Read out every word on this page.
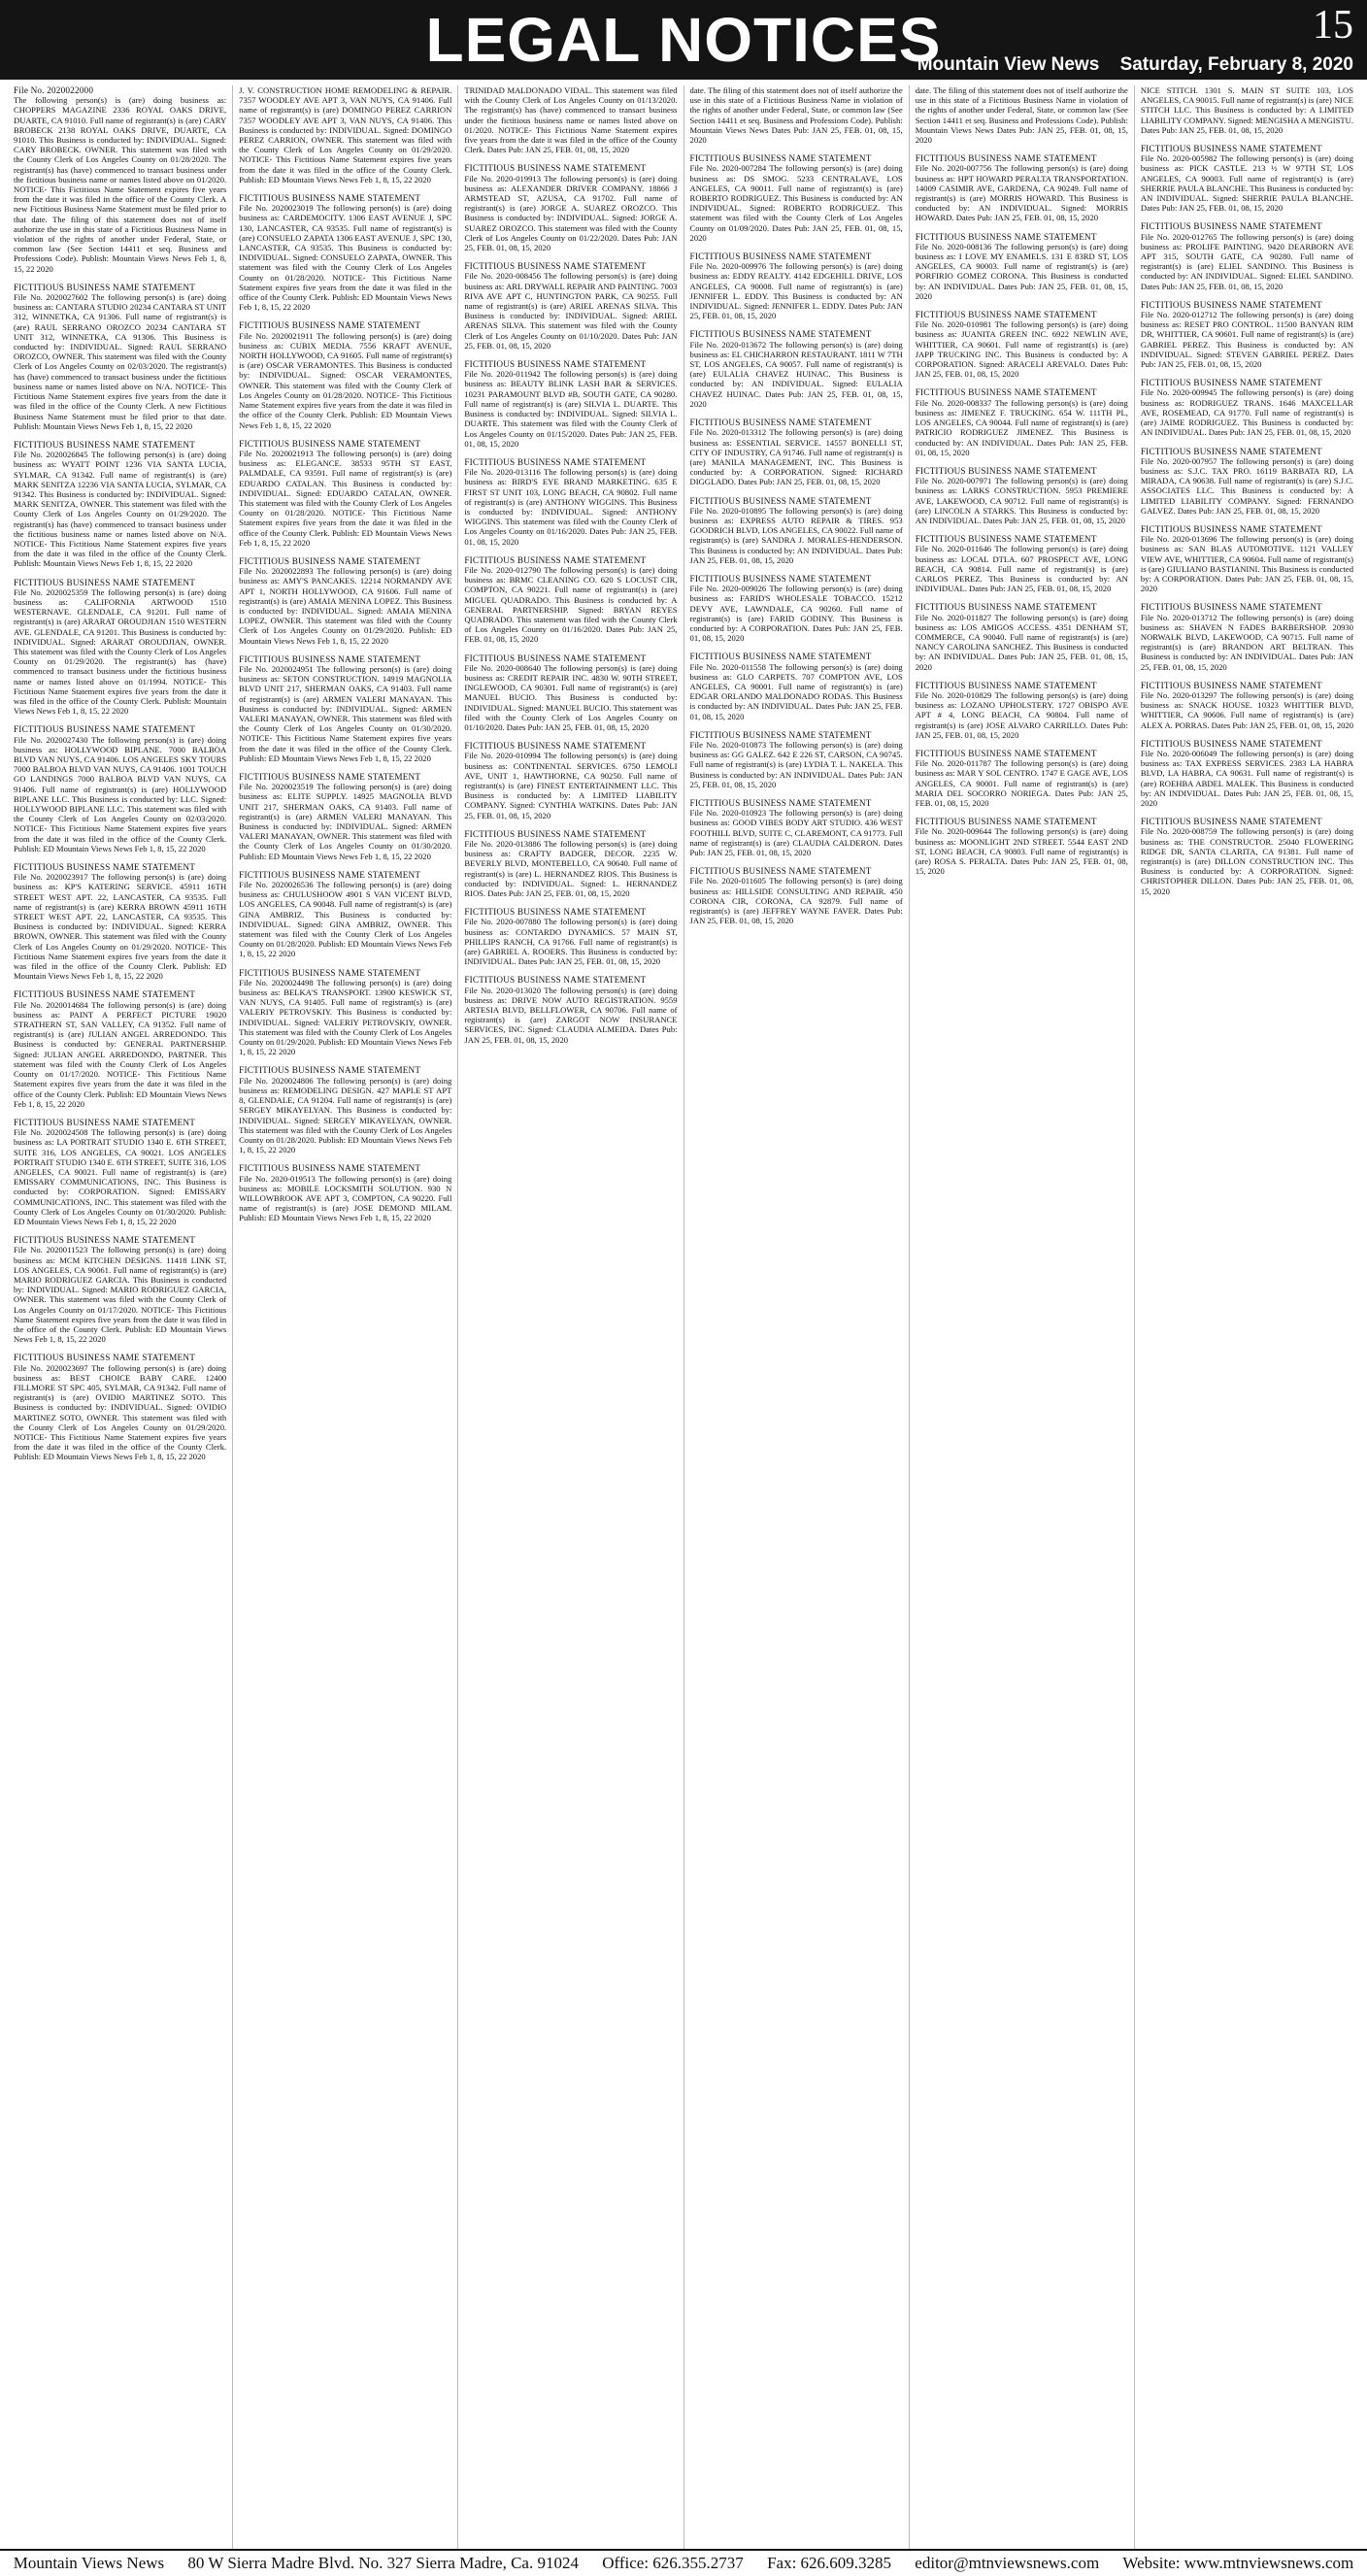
LEGAL NOTICES	15
Mountain View News Saturday, February 8, 2020
File No. 2020022000
The following person(s) is (are) doing business as: CHOPPERS MAGAZINE 2336 ROYAL OAKS DRIVE, DUARTE, CA 91010. Full name of registrant(s) is (are) CARY BROBECK 2138 ROYAL OAKS DRIVE, DUARTE, CA 91010. This Business is conducted by: INDIVIDUAL. Signed: CARY BROBECK. OWNER. This statement was filed with the County Clerk of Los Angeles County on 01/28/2020. The registrant(s) has (have) commenced to transact business under the fictitious business name or names listed above on 01/2020. NOTICE- This Fictitious Name Statement expires five years from the date it was filed in the office of the County Clerk. A new Fictitious Business Name Statement must be filed prior to that date. The filing of this statement does not of itself authorize the use in this state of a Fictitious Business Name in violation of the rights of another under Federal, State, or common law (See Section 14411 et seq. Business and Professions Code). Publish: Mountain Views News Feb 1, 8, 15, 22 2020
FICTITIOUS BUSINESS NAME STATEMENT
File No. 2020027602 The following person(s) is (are) doing business as: CANTARA STUDIO 20234 CANTARA ST UNIT 312, WINNETKA, CA 91306. Full name of registrant(s) is (are) RAUL SERRANO OROZCO 20234 CANTARA ST UNIT 312, WINNETKA, CA 91306. This Business is conducted by: INDIVIDUAL. Signed: RAUL SERRANO OROZCO, OWNER. This statement was filed with the County Clerk of Los Angeles County on 02/03/2020. The registrant(s) has (have) commenced to transact business under the fictitious business name or names listed above on N/A. NOTICE- This Fictitious Name Statement expires five years from the date it was filed in the office of the County Clerk. A new Fictitious Business Name Statement must be filed prior to that date. Publish: Mountain Views News Feb 1, 8, 15, 22 2020
FICTITIOUS BUSINESS NAME STATEMENT
File No. 2020026845 The following person(s) is (are) doing business as: WYATT POINT 1236 VIA SANTA LUCIA, SYLMAR, CA 91342. Full name of registrant(s) is (are) MARK SENITZA 12236 VIA SANTA LUCIA, SYLMAR, CA 91342. This Business is conducted by: INDIVIDUAL. Signed: MARK SENITZA, OWNER. This statement was filed with the County Clerk of Los Angeles County on 01/29/2020. The registrant(s) has (have) commenced to transact business under the fictitious business name or names listed above on N/A. NOTICE- This Fictitious Name Statement expires five years from the date it was filed in the office of the County Clerk. Publish: Mountain Views News Feb 1, 8, 15, 22 2020
FICTITIOUS BUSINESS NAME STATEMENT
File No. 2020025359 The following person(s) is (are) doing business as: CALIFORNIA ARTWOOD 1510 WESTERNAVE. GLENDALE, CA 91201. Full name of registrant(s) is (are) ARARAT OROUDJIAN 1510 WESTERN AVE. GLENDALE, CA 91201. This Business is conducted by: INDIVIDUAL. Signed: ARARAT OROUDJIAN, OWNER. This statement was filed with the County Clerk of Los Angeles County on 01/29/2020. The registrant(s) has (have) commenced to transact business under the fictitious business name or names listed above on 01/1994. NOTICE- This Fictitious Name Statement expires five years from the date it was filed in the office of the County Clerk. Publish: Mountain Views News Feb 1, 8, 15, 22 2020
FICTITIOUS BUSINESS NAME STATEMENT
File No. 2020027430 The following person(s) is (are) doing business as: HOLLYWOOD BIPLANE. 7000 BALBOA BLVD VAN NUYS, CA 91406. LOS ANGELES SKY TOURS 7000 BALBOA BLVD VAN NUYS, CA 91406. 1001 TOUCH GO LANDINGS 7000 BALBOA BLVD VAN NUYS, CA 91406. Full name of registrant(s) is (are) HOLLYWOOD BIPLANE LLC. This Business is conducted by: LLC. Signed: HOLLYWOOD BIPLANE LLC. This statement was filed with the County Clerk of Los Angeles County on 02/03/2020. NOTICE- This Fictitious Name Statement expires five years from the date it was filed in the office of the County Clerk. Publish: ED Mountain Views News Feb 1, 8, 15, 22 2020
FICTITIOUS BUSINESS NAME STATEMENT
File No. 2020023917 The following person(s) is (are) doing business as: KP'S KATERING SERVICE. 45911 16TH STREET WEST APT. 22, LANCASTER, CA 93535. Full name of registrant(s) is (are) KERRA BROWN 45911 16TH STREET WEST APT. 22, LANCASTER, CA 93535. This Business is conducted by: INDIVIDUAL. Signed: KERRA BROWN, OWNER. This statement was filed with the County Clerk of Los Angeles County on 01/29/2020. NOTICE- This Fictitious Name Statement expires five years from the date it was filed in the office of the County Clerk. Publish: ED Mountain Views News Feb 1, 8, 15, 22 2020
FICTITIOUS BUSINESS NAME STATEMENT
File No. 2020014684 The following person(s) is (are) doing business as: PAINT A PERFECT PICTURE 19020 STRATHERN ST, SAN VALLEY, CA 91352. Full name of registrant(s) is (are) JULIAN ANGEL ARREDONDO. This Business is conducted by: GENERAL PARTNERSHIP. Signed: JULIAN ANGEL ARREDONDO, PARTNER. This statement was filed with the County Clerk of Los Angeles County on 01/17/2020. NOTICE- This Fictitious Name Statement expires five years from the date it was filed in the office of the County Clerk. Publish: ED Mountain Views News Feb 1, 8, 15, 22 2020
FICTITIOUS BUSINESS NAME STATEMENT
File No. 2020024508 The following person(s) is (are) doing business as: LA PORTRAIT STUDIO 1340 E. 6TH STREET, SUITE 316, LOS ANGELES, CA 90021. LOS ANGELES PORTRAIT STUDIO 1340 E. 6TH STREET, SUITE 316, LOS ANGELES, CA 90021. Full name of registrant(s) is (are) EMISSARY COMMUNICATIONS, INC. This Business is conducted by: CORPORATION. Signed: EMISSARY COMMUNICATIONS, INC. This statement was filed with the County Clerk of Los Angeles County on 01/30/2020. Publish: ED Mountain Views News Feb 1, 8, 15, 22 2020
FICTITIOUS BUSINESS NAME STATEMENT
File No. 2020011523 The following person(s) is (are) doing business as: MCM KITCHEN DESIGNS. 11418 LINK ST, LOS ANGELES, CA 90061. Full name of registrant(s) is (are) MARIO RODRIGUEZ GARCIA. This Business is conducted by: INDIVIDUAL. Signed: MARIO RODRIGUEZ GARCIA, OWNER. This statement was filed with the County Clerk of Los Angeles County on 01/17/2020. NOTICE- This Fictitious Name Statement expires five years from the date it was filed in the office of the County Clerk. Publish: ED Mountain Views News Feb 1, 8, 15, 22 2020
FICTITIOUS BUSINESS NAME STATEMENT
File No. 2020023697 The following person(s) is (are) doing business as: BEST CHOICE BABY CARE. 12400 FILLMORE ST SPC 405, SYLMAR, CA 91342. Full name of registrant(s) is (are) OVIDIO MARTINEZ SOTO. This Business is conducted by: INDIVIDUAL. Signed: OVIDIO MARTINEZ SOTO, OWNER. This statement was filed with the County Clerk of Los Angeles County on 01/29/2020. NOTICE- This Fictitious Name Statement expires five years from the date it was filed in the office of the County Clerk. Publish: ED Mountain Views News Feb 1, 8, 15, 22 2020
J. V. CONSTRUCTION HOME REMODELING & REPAIR. 7357 WOODLEY AVE APT 3, VAN NUYS, CA 91406. Full name of registrant(s) is (are) DOMINGO PEREZ CARRION 7357 WOODLEY AVE APT 3, VAN NUYS, CA 91406. This Business is conducted by: INDIVIDUAL. Signed: DOMINGO PEREZ CARRION, OWNER. This statement was filed with the County Clerk of Los Angeles County on 01/29/2020. NOTICE- This Fictitious Name Statement expires five years from the date it was filed in the office of the County Clerk. Publish: ED Mountain Views News Feb 1, 8, 15, 22 2020
FICTITIOUS BUSINESS NAME STATEMENT
File No. 2020023019 The following person(s) is (are) doing business as: CARDEMOCITY. 1306 EAST AVENUE J, SPC 130, LANCASTER, CA 93535. Full name of registrant(s) is (are) CONSUELO ZAPATA 1306 EAST AVENUE J, SPC 130, LANCASTER, CA 93535. This Business is conducted by: INDIVIDUAL. Signed: CONSUELO ZAPATA, OWNER. This statement was filed with the County Clerk of Los Angeles County on 01/28/2020. NOTICE- This Fictitious Name Statement expires five years from the date it was filed in the office of the County Clerk. Publish: ED Mountain Views News Feb 1, 8, 15, 22 2020
FICTITIOUS BUSINESS NAME STATEMENT
File No. 2020021911 The following person(s) is (are) doing business as: CUBIX MEDIA. 7556 KRAFT AVENUE, NORTH HOLLYWOOD, CA 91605. Full name of registrant(s) is (are) OSCAR VERAMONTES. This Business is conducted by: INDIVIDUAL. Signed: OSCAR VERAMONTES, OWNER. This statement was filed with the County Clerk of Los Angeles County on 01/28/2020. NOTICE- This Fictitious Name Statement expires five years from the date it was filed in the office of the County Clerk. Publish: ED Mountain Views News Feb 1, 8, 15, 22 2020
FICTITIOUS BUSINESS NAME STATEMENT
File No. 2020021913 The following person(s) is (are) doing business as: ELEGANCE. 38533 95TH ST EAST, PALMDALE, CA 93591. Full name of registrant(s) is (are) EDUARDO CATALAN. This Business is conducted by: INDIVIDUAL. Signed: EDUARDO CATALAN, OWNER. This statement was filed with the County Clerk of Los Angeles County on 01/28/2020. NOTICE- This Fictitious Name Statement expires five years from the date it was filed in the office of the County Clerk. Publish: ED Mountain Views News Feb 1, 8, 15, 22 2020
FICTITIOUS BUSINESS NAME STATEMENT
File No. 2020022893 The following person(s) is (are) doing business as: AMY'S PANCAKES. 12214 NORMANDY AVE APT 1, NORTH HOLLYWOOD, CA 91606. Full name of registrant(s) is (are) AMAIA MENINA LOPEZ. This Business is conducted by: INDIVIDUAL. Signed: AMAIA MENINA LOPEZ, OWNER. This statement was filed with the County Clerk of Los Angeles County on 01/29/2020. Publish: ED Mountain Views News Feb 1, 8, 15, 22 2020
FICTITIOUS BUSINESS NAME STATEMENT
File No. 2020024951 The following person(s) is (are) doing business as: SETON CONSTRUCTION. 14919 MAGNOLIA BLVD UNIT 217, SHERMAN OAKS, CA 91403. Full name of registrant(s) is (are) ARMEN VALERI MANAYAN. This Business is conducted by: INDIVIDUAL. Signed: ARMEN VALERI MANAYAN, OWNER. This statement was filed with the County Clerk of Los Angeles County on 01/30/2020. NOTICE- This Fictitious Name Statement expires five years from the date it was filed in the office of the County Clerk. Publish: ED Mountain Views News Feb 1, 8, 15, 22 2020
FICTITIOUS BUSINESS NAME STATEMENT
File No. 2020023519 The following person(s) is (are) doing business as: ELITE SUPPLY. 14925 MAGNOLIA BLVD UNIT 217, SHERMAN OAKS, CA 91403. Full name of registrant(s) is (are) ARMEN VALERI MANAYAN. This Business is conducted by: INDIVIDUAL. Signed: ARMEN VALERI MANAYAN, OWNER. This statement was filed with the County Clerk of Los Angeles County on 01/30/2020. Publish: ED Mountain Views News Feb 1, 8, 15, 22 2020
FICTITIOUS BUSINESS NAME STATEMENT
File No. 2020026536 The following person(s) is (are) doing business as: CHULUSHOOW 4901 S VAN VICENT BLVD, LOS ANGELES, CA 90048. Full name of registrant(s) is (are) GINA AMBRIZ. This Business is conducted by: INDIVIDUAL. Signed: GINA AMBRIZ, OWNER. This statement was filed with the County Clerk of Los Angeles County on 01/28/2020. Publish: ED Mountain Views News Feb 1, 8, 15, 22 2020
FICTITIOUS BUSINESS NAME STATEMENT
File No. 2020024498 The following person(s) is (are) doing business as: BELKA'S TRANSPORT. 13900 KESWICK ST, VAN NUYS, CA 91405. Full name of registrant(s) is (are) VALERIY PETROVSKIY. This Business is conducted by: INDIVIDUAL. Signed: VALERIY PETROVSKIY, OWNER. This statement was filed with the County Clerk of Los Angeles County on 01/29/2020. Publish: ED Mountain Views News Feb 1, 8, 15, 22 2020
FICTITIOUS BUSINESS NAME STATEMENT
File No. 2020024806 The following person(s) is (are) doing business as: REMODELING DESIGN. 427 MAPLE ST APT 8, GLENDALE, CA 91204. Full name of registrant(s) is (are) SERGEY MIKAYELYAN. This Business is conducted by: INDIVIDUAL. Signed: SERGEY MIKAYELYAN, OWNER. This statement was filed with the County Clerk of Los Angeles County on 01/28/2020. Publish: ED Mountain Views News Feb 1, 8, 15, 22 2020
FICTITIOUS BUSINESS NAME STATEMENT
File No. 2020-019513 The following person(s) is (are) doing business as: MOBILE LOCKSMITH SOLUTION. 930 N WILLOWBROOK AVE APT 3, COMPTON, CA 90220. Full name of registrant(s) is (are) JOSE DEMOND MILAM. Publish: ED Mountain Views News Feb 1, 8, 15, 22 2020
TRINIDAD MALDONADO VIDAL. This statement was filed with the County Clerk of Los Angeles County on 01/13/2020. The registrant(s) has (have) commenced to transact business under the fictitious business name or names listed above on 01/2020. NOTICE- This Fictitious Name Statement expires five years from the date it was filed in the office of the County Clerk. Dates Pub: JAN 25, FEB. 01, 08, 15, 2020
FICTITIOUS BUSINESS NAME STATEMENT
File No. 2020-019913 The following person(s) is (are) doing business as: ALEXANDER DRIVER COMPANY. 18866 J ARMSTEAD ST, AZUSA, CA 91702. Full name of registrant(s) is (are) JORGE A. SUAREZ OROZCO. This Business is conducted by: INDIVIDUAL. Signed: JORGE A. SUAREZ OROZCO. This statement was filed with the County Clerk of Los Angeles County on 01/22/2020. Dates Pub: JAN 25, FEB. 01, 08, 15, 2020
FICTITIOUS BUSINESS NAME STATEMENT
File No. 2020-008456 The following person(s) is (are) doing business as: ARL DRYWALL REPAIR AND PAINTING. 7003 RIVA AVE APT C, HUNTINGTON PARK, CA 90255. Full name of registrant(s) is (are) ARIEL ARENAS SILVA. This Business is conducted by: INDIVIDUAL. Signed: ARIEL ARENAS SILVA. This statement was filed with the County Clerk of Los Angeles County on 01/10/2020. Dates Pub: JAN 25, FEB. 01, 08, 15, 2020
FICTITIOUS BUSINESS NAME STATEMENT
File No. 2020-011942 The following person(s) is (are) doing business as: BEAUTY BLINK LASH BAR & SERVICES. 10231 PARAMOUNT BLVD #B, SOUTH GATE, CA 90280. Full name of registrant(s) is (are) SILVIA L. DUARTE. This Business is conducted by: INDIVIDUAL. Signed: SILVIA L. DUARTE. This statement was filed with the County Clerk of Los Angeles County on 01/15/2020. Dates Pub: JAN 25, FEB. 01, 08, 15, 2020
FICTITIOUS BUSINESS NAME STATEMENT
File No. 2020-013116 The following person(s) is (are) doing business as: BIRD'S EYE BRAND MARKETING. 635 E FIRST ST UNIT 103, LONG BEACH, CA 90802. Full name of registrant(s) is (are) ANTHONY WIGGINS. This Business is conducted by: INDIVIDUAL. Signed: ANTHONY WIGGINS. This statement was filed with the County Clerk of Los Angeles County on 01/16/2020. Dates Pub: JAN 25, FEB. 01, 08, 15, 2020
FICTITIOUS BUSINESS NAME STATEMENT
File No. 2020-012790 The following person(s) is (are) doing business as: BRMC CLEANING CO. 620 S LOCUST CIR, COMPTON, CA 90221. Full name of registrant(s) is (are) MIGUEL QUADRADO. This Business is conducted by: A GENERAL PARTNERSHIP. Signed: BRYAN REYES QUADRADO. This statement was filed with the County Clerk of Los Angeles County on 01/16/2020. Dates Pub: JAN 25, FEB. 01, 08, 15, 2020
FICTITIOUS BUSINESS NAME STATEMENT
File No. 2020-008640 The following person(s) is (are) doing business as: CREDIT REPAIR INC. 4830 W. 90TH STREET, INGLEWOOD, CA 90301. Full name of registrant(s) is (are) MANUEL BUCIO. This Business is conducted by: INDIVIDUAL. Signed: MANUEL BUCIO. This statement was filed with the County Clerk of Los Angeles County on 01/10/2020. Dates Pub: JAN 25, FEB. 01, 08, 15, 2020
FICTITIOUS BUSINESS NAME STATEMENT
File No. 2020-010994 The following person(s) is (are) doing business as: CONTINENTAL SERVICES. 6750 LEMOLI AVE, UNIT 1, HAWTHORNE, CA 90250. Full name of registrant(s) is (are) FINEST ENTERTAINMENT LLC. This Business is conducted by: A LIMITED LIABILITY COMPANY. Signed: CYNTHIA WATKINS. Dates Pub: JAN 25, FEB. 01, 08, 15, 2020
FICTITIOUS BUSINESS NAME STATEMENT
File No. 2020-013886 The following person(s) is (are) doing business as: CRAFTY BADGER, DECOR. 2235 W. BEVERLY BLVD, MONTEBELLO, CA 90640. Full name of registrant(s) is (are) L. HERNANDEZ RIOS. This Business is conducted by: INDIVIDUAL. Signed: L. HERNANDEZ RIOS. Dates Pub: JAN 25, FEB. 01, 08, 15, 2020
FICTITIOUS BUSINESS NAME STATEMENT
File No. 2020-007880 The following person(s) is (are) doing business as: CONTARDO DYNAMICS. 57 MAIN ST, PHILLIPS RANCH, CA 91766. Full name of registrant(s) is (are) GABRIEL A. ROOERS. This Business is conducted by: INDIVIDUAL. Dates Pub: JAN 25, FEB. 01, 08, 15, 2020
FICTITIOUS BUSINESS NAME STATEMENT
File No. 2020-013020 The following person(s) is (are) doing business as: DRIVE NOW AUTO REGISTRATION. 9559 ARTESIA BLVD, BELLFLOWER, CA 90706. Full name of registrant(s) is (are) ZARGOT NOW INSURANCE SERVICES, INC. Signed: CLAUDIA ALMEIDA. Dates Pub: JAN 25, FEB. 01, 08, 15, 2020
date. The filing of this statement does not of itself authorize the use in this state of a Fictitious Business Name in violation of the rights of another under Federal, State, or common law (See Section 14411 et seq. Business and Professions Code). Publish: Mountain Views News Dates Pub: JAN 25, FEB. 01, 08, 15, 2020
FICTITIOUS BUSINESS NAME STATEMENT
File No. 2020-007284 The following person(s) is (are) doing business as: DS SMOG. 5233 CENTRALAVE, LOS ANGELES, CA 90011. Full name of registrant(s) is (are) ROBERTO RODRIGUEZ. This Business is conducted by: AN INDIVIDUAL. Signed: ROBERTO RODRIGUEZ. This statement was filed with the County Clerk of Los Angeles County on 01/09/2020. Dates Pub: JAN 25, FEB. 01, 08, 15, 2020
FICTITIOUS BUSINESS NAME STATEMENT
File No. 2020-009976 The following person(s) is (are) doing business as: EDDY REALTY. 4142 EDGEHILL DRIVE, LOS ANGELES, CA 90008. Full name of registrant(s) is (are) JENNIFER L. EDDY. This Business is conducted by: AN INDIVIDUAL. Signed: JENNIFER L. EDDY. Dates Pub: JAN 25, FEB. 01, 08, 15, 2020
FICTITIOUS BUSINESS NAME STATEMENT
File No. 2020-013672 The following person(s) is (are) doing business as: EL CHICHARRON RESTAURANT. 1811 W 7TH ST, LOS ANGELES, CA 90057. Full name of registrant(s) is (are) EULALIA CHAVEZ HUINAC. This Business is conducted by: AN INDIVIDUAL. Signed: EULALIA CHAVEZ HUINAC. Dates Pub: JAN 25, FEB. 01, 08, 15, 2020
FICTITIOUS BUSINESS NAME STATEMENT
File No. 2020-013312 The following person(s) is (are) doing business as: ESSENTIAL SERVICE. 14557 BONELLI ST, CITY OF INDUSTRY, CA 91746. Full name of registrant(s) is (are) MANILA MANAGEMENT, INC. This Business is conducted by: A CORPORATION. Signed: RICHARD DIGGLADO. Dates Pub: JAN 25, FEB. 01, 08, 15, 2020
FICTITIOUS BUSINESS NAME STATEMENT
File No. 2020-010895 The following person(s) is (are) doing business as: EXPRESS AUTO REPAIR & TIRES. 953 GOODRICH BLVD, LOS ANGELES, CA 90022. Full name of registrant(s) is (are) SANDRA J. MORALES-HENDERSON. This Business is conducted by: AN INDIVIDUAL. Dates Pub: JAN 25, FEB. 01, 08, 15, 2020
FICTITIOUS BUSINESS NAME STATEMENT
File No. 2020-009026 The following person(s) is (are) doing business as: FARID'S WHOLESALE TOBACCO. 15212 DEVY AVE, LAWNDALE, CA 90260. Full name of registrant(s) is (are) FARID GODINY. This Business is conducted by: A CORPORATION. Dates Pub: JAN 25, FEB. 01, 08, 15, 2020
FICTITIOUS BUSINESS NAME STATEMENT
File No. 2020-011558 The following person(s) is (are) doing business as: GLO CARPETS. 707 COMPTON AVE, LOS ANGELES, CA 90001. Full name of registrant(s) is (are) EDGAR ORLANDO MALDONADO RODAS. This Business is conducted by: AN INDIVIDUAL. Dates Pub: JAN 25, FEB. 01, 08, 15, 2020
FICTITIOUS BUSINESS NAME STATEMENT
File No. 2020-010873 The following person(s) is (are) doing business as: GG GALEZ. 642 E 226 ST, CARSON, CA 90745. Full name of registrant(s) is (are) LYDIA T. L. NAKELA. This Business is conducted by: AN INDIVIDUAL. Dates Pub: JAN 25, FEB. 01, 08, 15, 2020
FICTITIOUS BUSINESS NAME STATEMENT
File No. 2020-010923 The following person(s) is (are) doing business as: GOOD VIBES BODY ART STUDIO. 436 WEST FOOTHILL BLVD, SUITE C, CLAREMONT, CA 91773. Full name of registrant(s) is (are) CLAUDIA CALDERON. Dates Pub: JAN 25, FEB. 01, 08, 15, 2020
FICTITIOUS BUSINESS NAME STATEMENT
File No. 2020-011605 The following person(s) is (are) doing business as: HILLSIDE CONSULTING AND REPAIR. 450 CORONA CIR, CORONA, CA 92879. Full name of registrant(s) is (are) JEFFREY WAYNE FAVER. Dates Pub: JAN 25, FEB. 01, 08, 15, 2020
date. The filing of this statement does not of itself authorize the use in this state of a Fictitious Business Name in violation of the rights of another under Federal, State, or common law (See Section 14411 et seq. Business and Professions Code). Publish: Mountain Views News Dates Pub: JAN 25, FEB. 01, 08, 15, 2020
FICTITIOUS BUSINESS NAME STATEMENT
File No. 2020-007756 The following person(s) is (are) doing business as: HPT HOWARD PERALTA TRANSPORTATION. 14009 CASIMIR AVE, GARDENA, CA 90249. Full name of registrant(s) is (are) MORRIS HOWARD. This Business is conducted by: AN INDIVIDUAL. Signed: MORRIS HOWARD. Dates Pub: JAN 25, FEB. 01, 08, 15, 2020
FICTITIOUS BUSINESS NAME STATEMENT
File No. 2020-008136 The following person(s) is (are) doing business as: I LOVE MY ENAMELS. 131 E 83RD ST, LOS ANGELES, CA 90003. Full name of registrant(s) is (are) PORFIRIO GOMEZ CORONA. This Business is conducted by: AN INDIVIDUAL. Dates Pub: JAN 25, FEB. 01, 08, 15, 2020
FICTITIOUS BUSINESS NAME STATEMENT
File No. 2020-010981 The following person(s) is (are) doing business as: JUANITA GREEN INC. 6922 NEWLIN AVE, WHITTIER, CA 90601. Full name of registrant(s) is (are) JAPP TRUCKING INC. This Business is conducted by: A CORPORATION. Signed: ARACELI AREVALO. Dates Pub: JAN 25, FEB. 01, 08, 15, 2020
FICTITIOUS BUSINESS NAME STATEMENT
File No. 2020-008337 The following person(s) is (are) doing business as: JIMENEZ F. TRUCKING. 654 W. 111TH PL, LOS ANGELES, CA 90044. Full name of registrant(s) is (are) PATRICIO RODRIGUEZ JIMENEZ. This Business is conducted by: AN INDIVIDUAL. Dates Pub: JAN 25, FEB. 01, 08, 15, 2020
FICTITIOUS BUSINESS NAME STATEMENT
File No. 2020-007971 The following person(s) is (are) doing business as: LARKS CONSTRUCTION. 5953 PREMIERE AVE, LAKEWOOD, CA 90712. Full name of registrant(s) is (are) LINCOLN A STARKS. This Business is conducted by: AN INDIVIDUAL. Dates Pub: JAN 25, FEB. 01, 08, 15, 2020
FICTITIOUS BUSINESS NAME STATEMENT
File No. 2020-011646 The following person(s) is (are) doing business as: LOCAL DTLA. 607 PROSPECT AVE, LONG BEACH, CA 90814. Full name of registrant(s) is (are) CARLOS PEREZ. This Business is conducted by: AN INDIVIDUAL. Dates Pub: JAN 25, FEB. 01, 08, 15, 2020
FICTITIOUS BUSINESS NAME STATEMENT
File No. 2020-011827 The following person(s) is (are) doing business as: LOS AMIGOS ACCESS. 4351 DENHAM ST, COMMERCE, CA 90040. Full name of registrant(s) is (are) NANCY CAROLINA SANCHEZ. This Business is conducted by: AN INDIVIDUAL. Dates Pub: JAN 25, FEB. 01, 08, 15, 2020
FICTITIOUS BUSINESS NAME STATEMENT
File No. 2020-010829 The following person(s) is (are) doing business as: LOZANO UPHOLSTERY. 1727 OBISPO AVE APT # 4, LONG BEACH, CA 90804. Full name of registrant(s) is (are) JOSE ALVARO CARRILLO. Dates Pub: JAN 25, FEB. 01, 08, 15, 2020
FICTITIOUS BUSINESS NAME STATEMENT
File No. 2020-011787 The following person(s) is (are) doing business as: MAR Y SOL CENTRO. 1747 E GAGE AVE, LOS ANGELES, CA 90001. Full name of registrant(s) is (are) MARIA DEL SOCORRO NORIEGA. Dates Pub: JAN 25, FEB. 01, 08, 15, 2020
FICTITIOUS BUSINESS NAME STATEMENT
File No. 2020-009644 The following person(s) is (are) doing business as: MOONLIGHT 2ND STREET. 5544 EAST 2ND ST, LONG BEACH, CA 90803. Full name of registrant(s) is (are) ROSA S. PERALTA. Dates Pub: JAN 25, FEB. 01, 08, 15, 2020
NICE STITCH. 1301 S. MAIN ST SUITE 103, LOS ANGELES, CA 90015. Full name of registrant(s) is (are) NICE STITCH LLC. This Business is conducted by: A LIMITED LIABILITY COMPANY. Signed: MENGISHA A MENGISTU. Dates Pub: JAN 25, FEB. 01, 08, 15, 2020
FICTITIOUS BUSINESS NAME STATEMENT
File No. 2020-005982 The following person(s) is (are) doing business as: PICK CASTLE. 213 ½ W 97TH ST, LOS ANGELES, CA 90003. Full name of registrant(s) is (are) SHERRIE PAULA BLANCHE. This Business is conducted by: AN INDIVIDUAL. Signed: SHERRIE PAULA BLANCHE. Dates Pub: JAN 25, FEB. 01, 08, 15, 2020
FICTITIOUS BUSINESS NAME STATEMENT
File No. 2020-012765 The following person(s) is (are) doing business as: PROLIFE PAINTING. 9420 DEARBORN AVE APT 315, SOUTH GATE, CA 90280. Full name of registrant(s) is (are) ELIEL SANDINO. This Business is conducted by: AN INDIVIDUAL. Signed: ELIEL SANDINO. Dates Pub: JAN 25, FEB. 01, 08, 15, 2020
FICTITIOUS BUSINESS NAME STATEMENT
File No. 2020-012712 The following person(s) is (are) doing business as: RESET PRO CONTROL. 11500 BANYAN RIM DR, WHITTIER, CA 90601. Full name of registrant(s) is (are) GABRIEL PEREZ. This Business is conducted by: AN INDIVIDUAL. Signed: STEVEN GABRIEL PEREZ. Dates Pub: JAN 25, FEB. 01, 08, 15, 2020
FICTITIOUS BUSINESS NAME STATEMENT
File No. 2020-009945 The following person(s) is (are) doing business as: RODRIGUEZ TRANS. 1646 MAXCELLAR AVE, ROSEMEAD, CA 91770. Full name of registrant(s) is (are) JAIME RODRIGUEZ. This Business is conducted by: AN INDIVIDUAL. Dates Pub: JAN 25, FEB. 01, 08, 15, 2020
FICTITIOUS BUSINESS NAME STATEMENT
File No. 2020-007957 The following person(s) is (are) doing business as: S.J.C. TAX PRO. 16119 BARBATA RD, LA MIRADA, CA 90638. Full name of registrant(s) is (are) S.J.C. ASSOCIATES LLC. This Business is conducted by: A LIMITED LIABILITY COMPANY. Signed: FERNANDO GALVEZ. Dates Pub: JAN 25, FEB. 01, 08, 15, 2020
FICTITIOUS BUSINESS NAME STATEMENT
File No. 2020-013696 The following person(s) is (are) doing business as: SAN BLAS AUTOMOTIVE. 1121 VALLEY VIEW AVE, WHITTIER, CA 90604. Full name of registrant(s) is (are) GIULIANO BASTIANINI. This Business is conducted by: A CORPORATION. Dates Pub: JAN 25, FEB. 01, 08, 15, 2020
FICTITIOUS BUSINESS NAME STATEMENT
File No. 2020-013712 The following person(s) is (are) doing business as: SHAVEN N FADES BARBERSHOP. 20930 NORWALK BLVD, LAKEWOOD, CA 90715. Full name of registrant(s) is (are) BRANDON ART BELTRAN. This Business is conducted by: AN INDIVIDUAL. Dates Pub: JAN 25, FEB. 01, 08, 15, 2020
FICTITIOUS BUSINESS NAME STATEMENT
File No. 2020-013297 The following person(s) is (are) doing business as: SNACK HOUSE. 10323 WHITTIER BLVD, WHITTIER, CA 90606. Full name of registrant(s) is (are) ALEX A. PORRAS. Dates Pub: JAN 25, FEB. 01, 08, 15, 2020
FICTITIOUS BUSINESS NAME STATEMENT
File No. 2020-006049 The following person(s) is (are) doing business as: TAX EXPRESS SERVICES. 2383 LA HABRA BLVD, LA HABRA, CA 90631. Full name of registrant(s) is (are) ROEHBA ABDEL MALEK. This Business is conducted by: AN INDIVIDUAL. Dates Pub: JAN 25, FEB. 01, 08, 15, 2020
FICTITIOUS BUSINESS NAME STATEMENT
File No. 2020-008759 The following person(s) is (are) doing business as: THE CONSTRUCTOR. 25040 FLOWERING RIDGE DR, SANTA CLARITA, CA 91381. Full name of registrant(s) is (are) DILLON CONSTRUCTION INC. This Business is conducted by: A CORPORATION. Signed: CHRISTOPHER DILLON. Dates Pub: JAN 25, FEB. 01, 08, 15, 2020
Mountain Views News 80 W Sierra Madre Blvd. No. 327 Sierra Madre, Ca. 91024 Office: 626.355.2737 Fax: 626.609.3285 editor@mtnviewsnews.com Website: www.mtnviewsnews.com
